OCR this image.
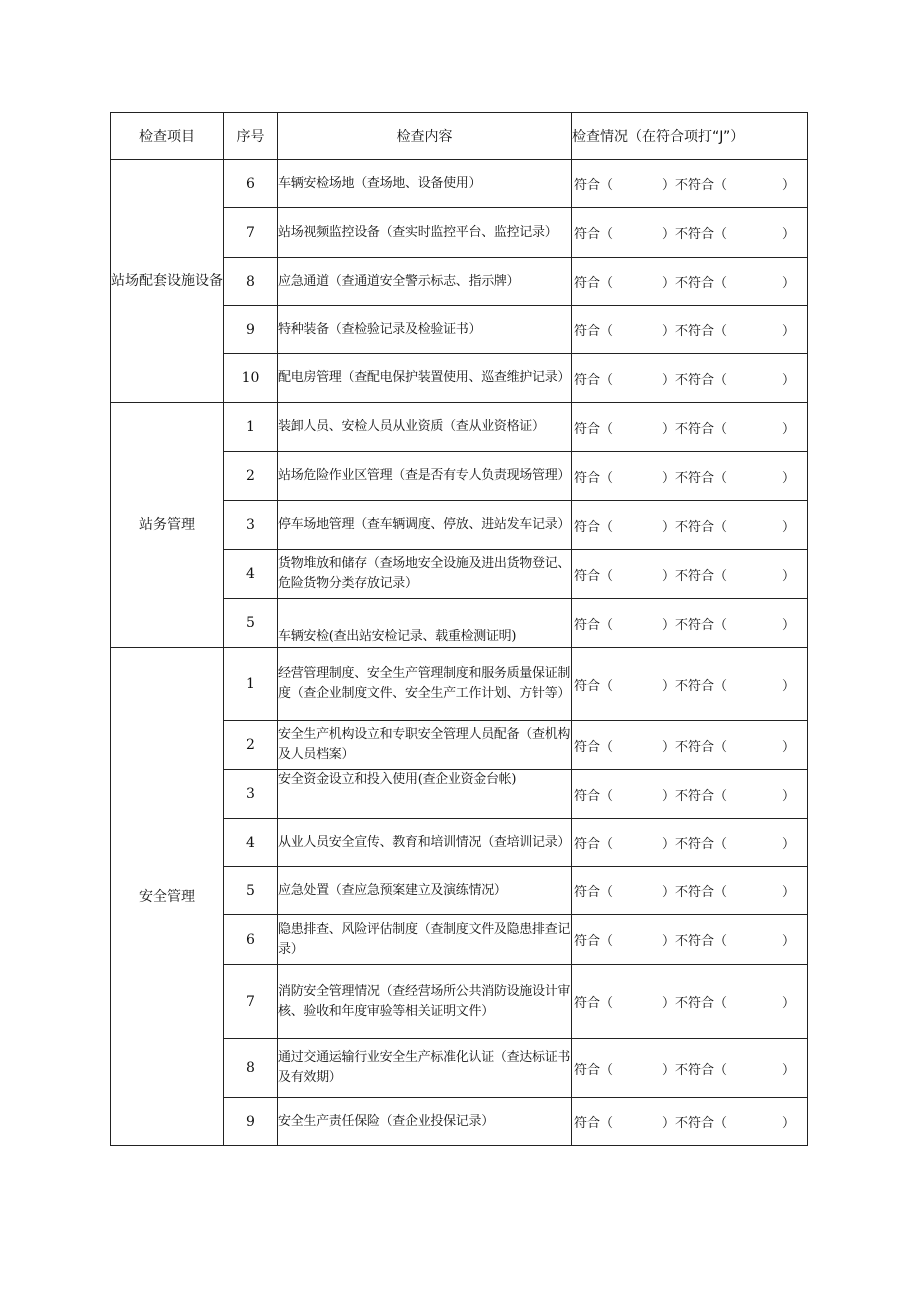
检查项目	序号	检查内容	检查情况（在符合项打“J”）
站场配套设施设备	6	车辆安检场地（查场地、设备使用）	符合（ ）不符合（ ）

	7	站场视频监控设备（查实时监控平台、监控记录）	符合（ ）不符合（ ）

	8	应急通道（查通道安全警示标志、指示牌）	符合（ ）不符合（ ）

	9	特种装备（查检验记录及检验证书）	符合（ ）不符合（ ）

	10	配电房管理（查配电保护装置使用、巡查维护记录）	符合（ ）不符合（ ）

站务管理	1	装卸人员、安检人员从业资质（查从业资格证）	符合（ ）不符合（ ）

	2	站场危险作业区管理（查是否有专人负责现场管理）	符合（ ）不符合（ ）

	3	停车场地管理（查车辆调度、停放、进站发车记录）	符合（ ）不符合（ ）

	4	货物堆放和储存（查场地安全设施及进出货物登记、危险货物分类存放记录）	符合（ ）不符合（ ）

	5	车辆安检(查出站安检记录、载重检测证明)	符合（ ）不符合（ ）

安全管理	1	经营管理制度、安全生产管理制度和服务质量保证制度（查企业制度文件、安全生产工作计划、方针等）	符合（ ）不符合（ ）

	2	安全生产机构设立和专职安全管理人员配备（查机构及人员档案）	符合（ ）不符合（ ）

	3	安全资金设立和投入使用(查企业资金台帐)	符合（ ）不符合（ ）

	4	从业人员安全宣传、教育和培训情况（查培训记录）	符合（ ）不符合（ ）

	5	应急处置（查应急预案建立及演练情况）	符合（ ）不符合（ ）

	6	隐患排查、风险评估制度（查制度文件及隐患排查记录）	符合（ ）不符合（ ）

	7	消防安全管理情况（查经营场所公共消防设施设计审核、验收和年度审验等相关证明文件）	符合（ ）不符合（ ）

	8	通过交通运输行业安全生产标准化认证（查达标证书及有效期）	符合（ ）不符合（ ）

	9	安全生产责任保险（查企业投保记录）	符合（ ）不符合（ ）
